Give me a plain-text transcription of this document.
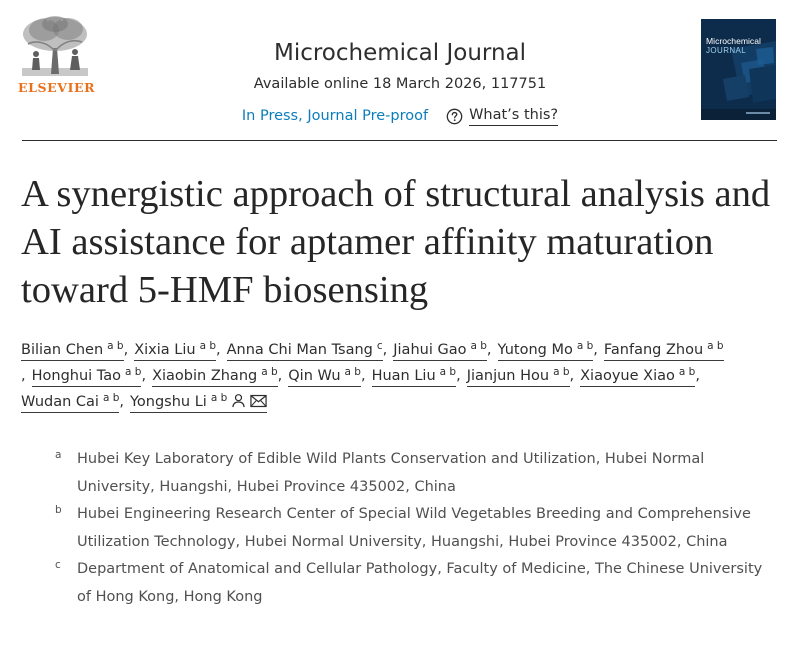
ELSEVIER
Microchemical Journal
Available online 18 March 2026, 117751
In Press, Journal Pre-proof	What’s this?
Microchemical
JOURNAL
A synergistic approach of structural analysis and AI assistance for aptamer affinity maturation toward 5-HMF biosensing
Bilian Chen $^{a b}$ , Xixia Liu $^{a b}$ , Anna Chi Man Tsang $^c$ , Jiahui Gao $^{a b}$ , Yutong Mo $^{a b}$ , Fanfang Zhou $^{a b}$
, Honghui Tao $^{a b}$ , Xiaobin Zhang $^{a b}$ , Qin Wu $^{a b}$ , Huan Liu $^{a b}$ , Jianjun Hou $^{a b}$ , Xiaoyue Xiao $^{a b}$ ,
Wudan Cai $^{a b}$ , Yongshu Li $^{a b}$
a Hubei Key Laboratory of Edible Wild Plants Conservation and Utilization, Hubei Normal University, Huangshi, Hubei Province 435002, China
b Hubei Engineering Research Center of Special Wild Vegetables Breeding and Comprehensive Utilization Technology, Hubei Normal University, Huangshi, Hubei Province 435002, China
c Department of Anatomical and Cellular Pathology, Faculty of Medicine, The Chinese University of Hong Kong, Hong Kong
